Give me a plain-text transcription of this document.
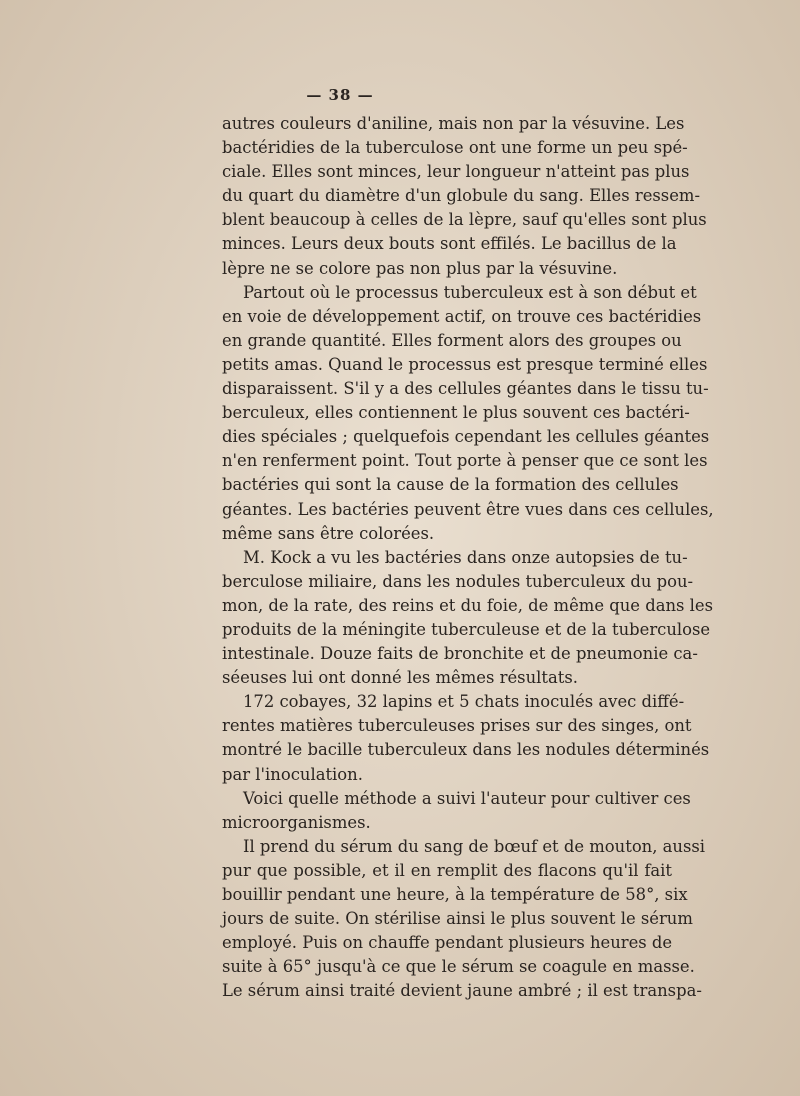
— 38 —

autres couleurs d'aniline, mais non par la vésuvine. Les
bactéridies de la tuberculose ont une forme un peu spé-
ciale. Elles sont minces, leur longueur n'atteint pas plus
du quart du diamètre d'un globule du sang. Elles ressem-
blent beaucoup à celles de la lèpre, sauf qu'elles sont plus
minces. Leurs deux bouts sont effilés. Le bacillus de la
lèpre ne se colore pas non plus par la vésuvine.

Partout où le processus tuberculeux est à son début et
en voie de développement actif, on trouve ces bactéridies
en grande quantité. Elles forment alors des groupes ou
petits amas. Quand le processus est presque terminé elles
disparaissent. S'il y a des cellules géantes dans le tissu tu-
berculeux, elles contiennent le plus souvent ces bactéri-
dies spéciales ; quelquefois cependant les cellules géantes
n'en renferment point. Tout porte à penser que ce sont les
bactéries qui sont la cause de la formation des cellules
géantes. Les bactéries peuvent être vues dans ces cellules,
même sans être colorées.

M. Kock a vu les bactéries dans onze autopsies de tu-
berculose miliaire, dans les nodules tuberculeux du pou-
mon, de la rate, des reins et du foie, de même que dans les
produits de la méningite tuberculeuse et de la tuberculose
intestinale. Douze faits de bronchite et de pneumonie ca-
séeuses lui ont donné les mêmes résultats.

172 cobayes, 32 lapins et 5 chats inoculés avec diffé-
rentes matières tuberculeuses prises sur des singes, ont
montré le bacille tuberculeux dans les nodules déterminés
par l'inoculation.

Voici quelle méthode a suivi l'auteur pour cultiver ces
microorganismes.

Il prend du sérum du sang de bœuf et de mouton, aussi
pur que possible, et il en remplit des flacons qu'il fait
bouillir pendant une heure, à la température de 58°, six
jours de suite. On stérilise ainsi le plus souvent le sérum
employé. Puis on chauffe pendant plusieurs heures de
suite à 65° jusqu'à ce que le sérum se coagule en masse.
Le sérum ainsi traité devient jaune ambré ; il est transpa-
